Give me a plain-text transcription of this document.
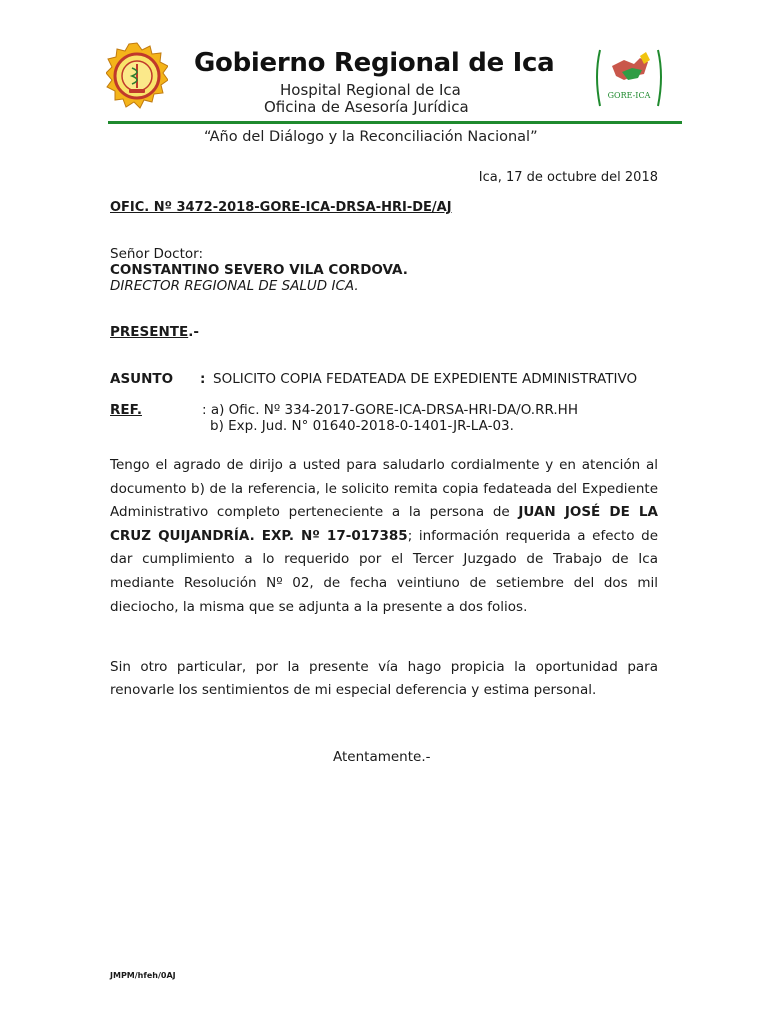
Gobierno Regional de Ica
Hospital Regional de Ica
Oficina de Asesoría Jurídica
GORE-ICA
“Año del Diálogo y la Reconciliación Nacional”
Ica, 17 de octubre del 2018
OFIC. Nº 3472-2018-GORE-ICA-DRSA-HRI-DE/AJ
Señor Doctor:
CONSTANTINO SEVERO VILA CORDOVA.
DIRECTOR REGIONAL DE SALUD ICA.
PRESENTE.-
ASUNTO : SOLICITO COPIA FEDATEADA DE EXPEDIENTE ADMINISTRATIVO
REF.	: a) Ofic. Nº 334-2017-GORE-ICA-DRSA-HRI-DA/O.RR.HH
b) Exp. Jud. N° 01640-2018-0-1401-JR-LA-03.
Tengo el agrado de dirijo a usted para saludarlo cordialmente y en atención al documento b) de la referencia, le solicito remita copia fedateada del Expediente Administrativo completo perteneciente a la persona de JUAN JOSÉ DE LA CRUZ QUIJANDRÍA. EXP. Nº 17-017385; información requerida a efecto de dar cumplimiento a lo requerido por el Tercer Juzgado de Trabajo de Ica mediante Resolución Nº 02, de fecha veintiuno de setiembre del dos mil dieciocho, la misma que se adjunta a la presente a dos folios.
Sin otro particular, por la presente vía hago propicia la oportunidad para renovarle los sentimientos de mi especial deferencia y estima personal.
Atentamente.-
JMPM/hfeh/0AJ
